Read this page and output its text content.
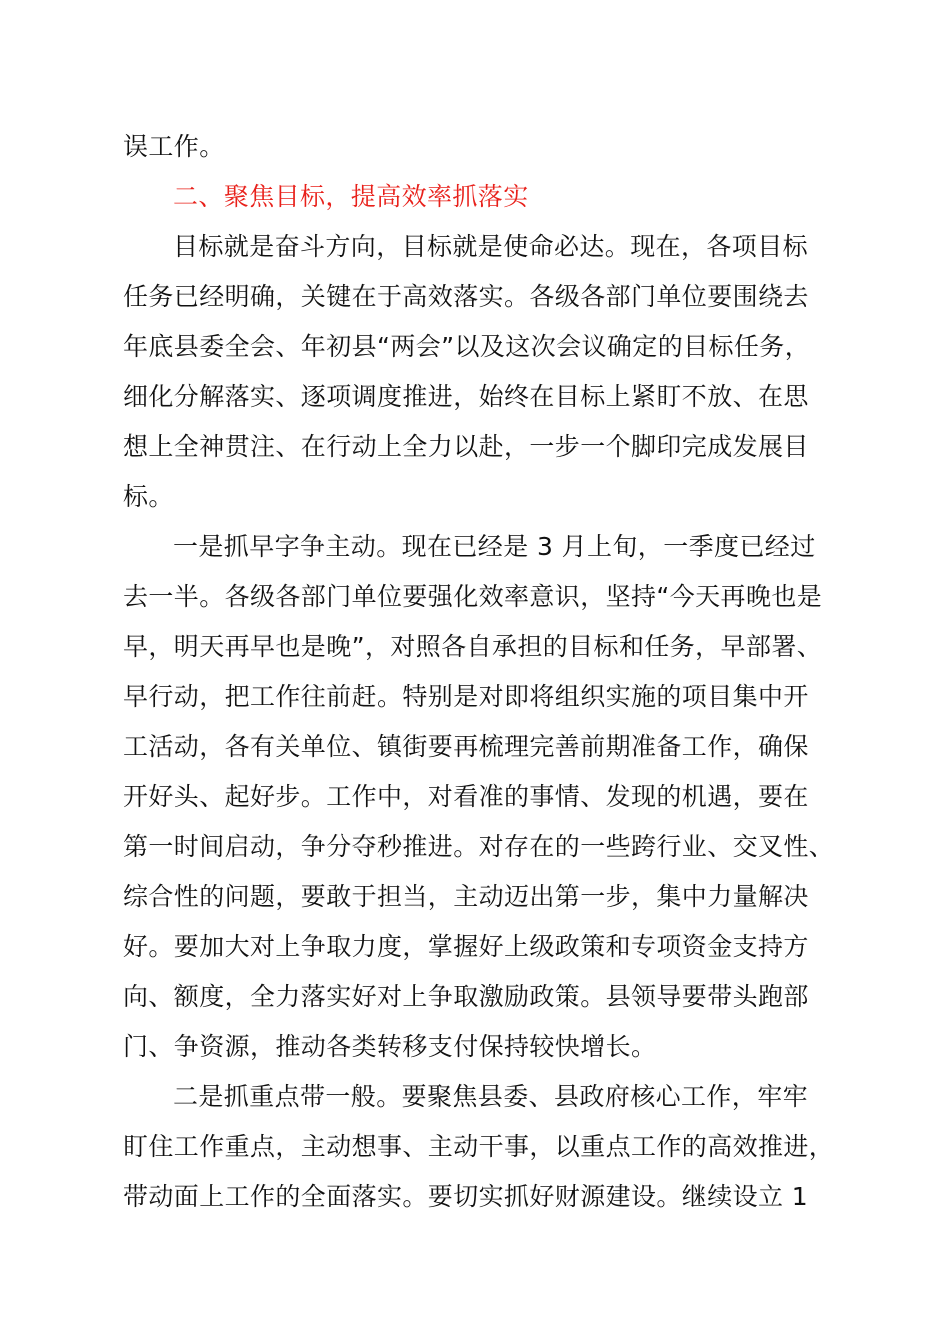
误工作。
二、聚焦目标，提高效率抓落实
目标就是奋斗方向，目标就是使命必达。现在，各项目标
任务已经明确，关键在于高效落实。各级各部门单位要围绕去
年底县委全会、年初县“两会”以及这次会议确定的目标任务，
细化分解落实、逐项调度推进，始终在目标上紧盯不放、在思
想上全神贯注、在行动上全力以赴，一步一个脚印完成发展目
标。
一是抓早字争主动。现在已经是 3 月上旬，一季度已经过
去一半。各级各部门单位要强化效率意识，坚持“今天再晚也是
早，明天再早也是晚”，对照各自承担的目标和任务，早部署、
早行动，把工作往前赶。特别是对即将组织实施的项目集中开
工活动，各有关单位、镇街要再梳理完善前期准备工作，确保
开好头、起好步。工作中，对看准的事情、发现的机遇，要在
第一时间启动，争分夺秒推进。对存在的一些跨行业、交叉性、
综合性的问题，要敢于担当，主动迈出第一步，集中力量解决
好。要加大对上争取力度，掌握好上级政策和专项资金支持方
向、额度，全力落实好对上争取激励政策。县领导要带头跑部
门、争资源，推动各类转移支付保持较快增长。
二是抓重点带一般。要聚焦县委、县政府核心工作，牢牢
盯住工作重点，主动想事、主动干事，以重点工作的高效推进，
带动面上工作的全面落实。要切实抓好财源建设。继续设立 1
